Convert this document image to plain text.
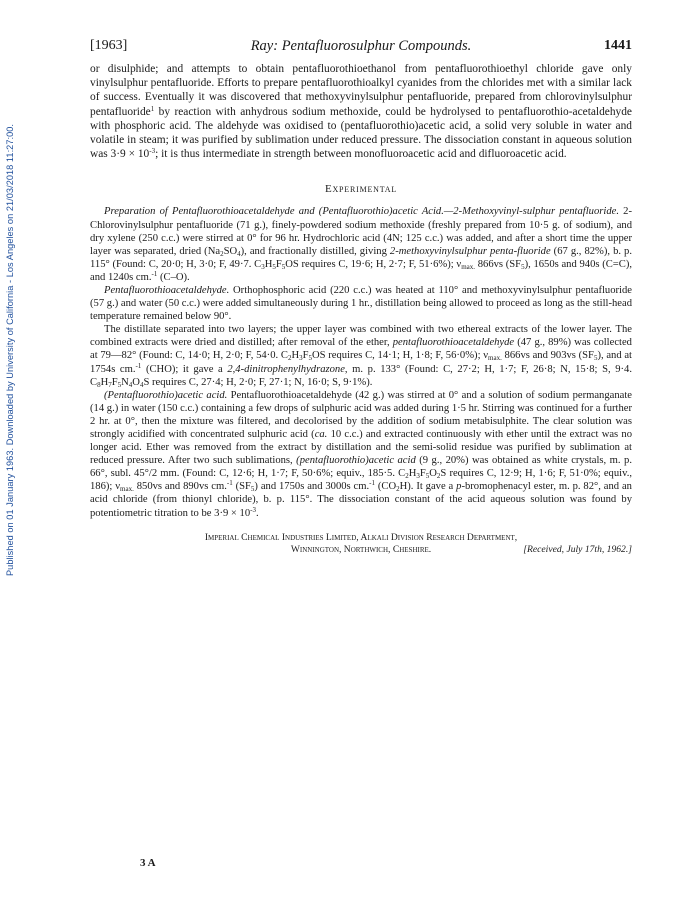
Published on 01 January 1963. Downloaded by University of California - Los Angeles on 21/03/2018 11:27:00.
[1963]	Ray: Pentafluorosulphur Compounds.	1441

or disulphide; and attempts to obtain pentafluorothioethanol from pentafluorothioethyl chloride gave only vinylsulphur pentafluoride. Efforts to prepare pentafluorothioalkyl cyanides from the chlorides met with a similar lack of success. Eventually it was discovered that methoxyvinylsulphur pentafluoride, prepared from chlorovinylsulphur pentafluoride$^1$ by reaction with anhydrous sodium methoxide, could be hydrolysed to pentafluorothio-acetaldehyde with phosphoric acid. The aldehyde was oxidised to (pentafluorothio)acetic acid, a solid very soluble in water and volatile in steam; it was purified by sublimation under reduced pressure. The dissociation constant in aqueous solution was $3\cdot 9 \times 10^{-3}$; it is thus intermediate in strength between monofluoroacetic acid and difluoroacetic acid.

Experimental

Preparation of Pentafluorothioacetaldehyde and (Pentafluorothio)acetic Acid.—2-Methoxyvinyl-sulphur pentafluoride. 2-Chlorovinylsulphur pentafluoride (71 g.), finely-powdered sodium methoxide (freshly prepared from 10·5 g. of sodium), and dry xylene (250 c.c.) were stirred at 0° for 96 hr. Hydrochloric acid (4N; 125 c.c.) was added, and after a short time the upper layer was separated, dried $(Na_2SO_4)$, and fractionally distilled, giving 2-methoxyvinylsulphur penta-fluoride (67 g., 82%), b. p. 115° (Found: C, 20·0; H, 3·0; F, 49·7. $C_3H_5F_5OS$ requires C, 19·6; H, 2·7; F, 51·6%); $\nu_{max.}$ 866vs $(SF_5)$, 1650s and 940s (C=C), and 1240s cm.$^{-1}$ (C–O).

Pentafluorothioacetaldehyde. Orthophosphoric acid (220 c.c.) was heated at 110° and methoxyvinylsulphur pentafluoride (57 g.) and water (50 c.c.) were added simultaneously during 1 hr., distillation being allowed to proceed as long as the still-head temperature remained below 90°.

The distillate separated into two layers; the upper layer was combined with two ethereal extracts of the lower layer. The combined extracts were dried and distilled; after removal of the ether, pentafluorothioacetaldehyde (47 g., 89%) was collected at 79—82° (Found: C, 14·0; H, 2·0; F, 54·0. $C_2H_3F_5OS$ requires C, 14·1; H, 1·8; F, 56·0%); $\nu_{max.}$ 866vs and 903vs $(SF_5)$, and at 1754s cm.$^{-1}$ (CHO); it gave a 2,4-dinitrophenylhydrazone, m. p. 133° (Found: C, 27·2; H, 1·7; F, 26·8; N, 15·8; S, 9·4. $C_8H_7F_5N_4O_4S$ requires C, 27·4; H, 2·0; F, 27·1; N, 16·0; S, 9·1%).

(Pentafluorothio)acetic acid. Pentafluorothioacetaldehyde (42 g.) was stirred at 0° and a solution of sodium permanganate (14 g.) in water (150 c.c.) containing a few drops of sulphuric acid was added during 1·5 hr. Stirring was continued for a further 2 hr. at 0°, then the mixture was filtered, and decolorised by the addition of sodium metabisulphite. The clear solution was strongly acidified with concentrated sulphuric acid (ca. 10 c.c.) and extracted continuously with ether until the extract was no longer acid. Ether was removed from the extract by distillation and the semi-solid residue was purified by sublimation at reduced pressure. After two such sublimations, (pentafluorothio)acetic acid (9 g., 20%) was obtained as white crystals, m. p. 66°, subl. 45°/2 mm. (Found: C, 12·6; H, 1·7; F, 50·6%; equiv., 185·5. $C_2H_3F_5O_2S$ requires C, 12·9; H, 1·6; F, 51·0%; equiv., 186); $\nu_{max.}$ 850vs and 890vs cm.$^{-1}$ $(SF_5)$ and 1750s and 3000s cm.$^{-1}$ $(CO_2H)$. It gave a p-bromophenacyl ester, m. p. 82°, and an acid chloride (from thionyl chloride), b. p. 115°. The dissociation constant of the acid aqueous solution was found by potentiometric titration to be $3\cdot 9 \times 10^{-3}$.

Imperial Chemical Industries Limited, Alkali Division Research Department,
Winnington, Northwich, Cheshire.	[Received, July 17th, 1962.]
3 A
